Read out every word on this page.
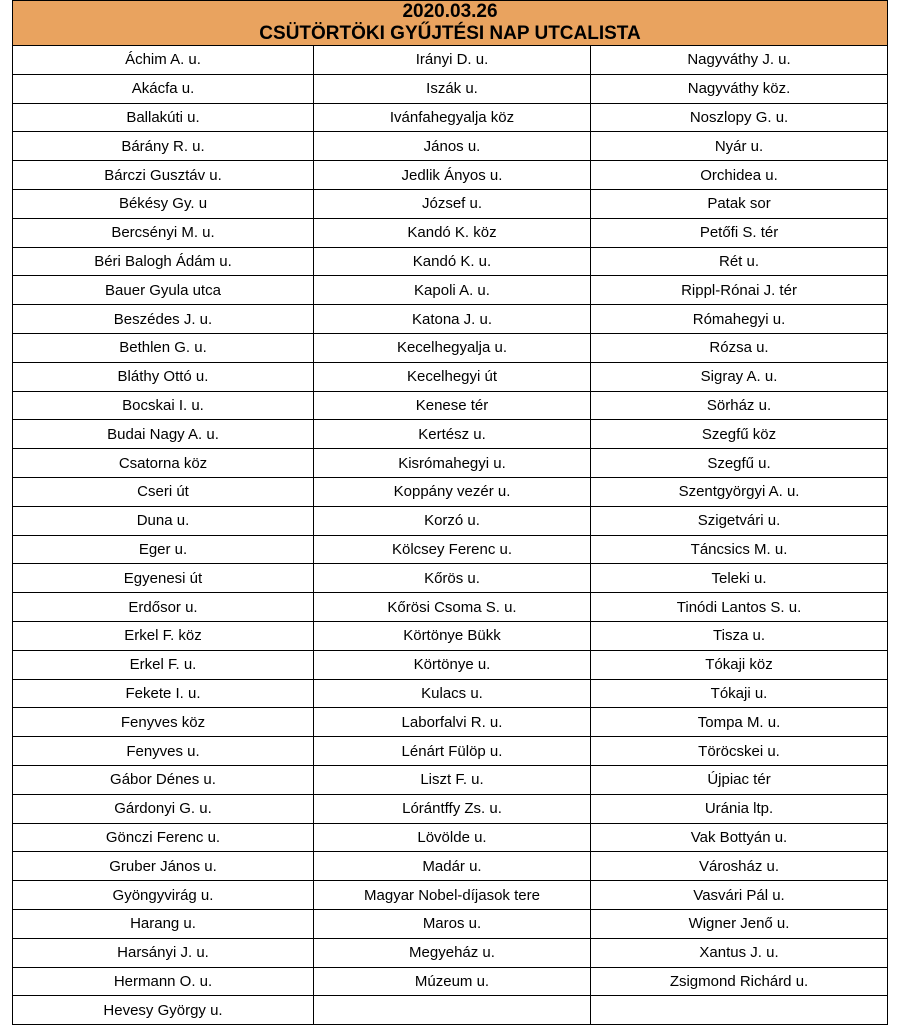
2020.03.26
CSÜTÖRTÖKI GYŰJTÉSI NAP UTCALISTA		

Áchim A. u.	Irányi D. u.	Nagyváthy J. u.
Akácfa u.	Iszák u.	Nagyváthy köz.
Ballakúti u.	Ivánfahegyalja köz	Noszlopy G. u.
Bárány R. u.	János u.	Nyár u.
Bárczi Gusztáv u.	Jedlik Ányos u.	Orchidea u.
Békésy Gy. u	József u.	Patak sor
Bercsényi M. u.	Kandó K. köz	Petőfi S. tér
Béri Balogh Ádám u.	Kandó K. u.	Rét u.
Bauer Gyula utca	Kapoli A. u.	Rippl-Rónai J. tér
Beszédes J. u.	Katona J. u.	Rómahegyi u.
Bethlen G. u.	Kecelhegyalja u.	Rózsa u.
Bláthy Ottó u.	Kecelhegyi út	Sigray A. u.
Bocskai I. u.	Kenese tér	Sörház u.
Budai Nagy A. u.	Kertész u.	Szegfű köz
Csatorna köz	Kisrómahegyi u.	Szegfű u.
Cseri út	Koppány vezér u.	Szentgyörgyi A. u.
Duna u.	Korzó u.	Szigetvári u.
Eger u.	Kölcsey Ferenc u.	Táncsics M. u.
Egyenesi út	Kőrös u.	Teleki u.
Erdősor u.	Kőrösi Csoma S. u.	Tinódi Lantos S. u.
Erkel F. köz	Körtönye Bükk	Tisza u.
Erkel F. u.	Körtönye u.	Tókaji köz
Fekete I. u.	Kulacs u.	Tókaji u.
Fenyves köz	Laborfalvi R. u.	Tompa M. u.
Fenyves u.	Lénárt Fülöp u.	Töröcskei u.
Gábor Dénes u.	Liszt F. u.	Újpiac tér
Gárdonyi G. u.	Lórántffy Zs. u.	Uránia ltp.
Gönczi Ferenc u.	Lövölde u.	Vak Bottyán u.
Gruber János u.	Madár u.	Városház u.
Gyöngyvirág u.	Magyar Nobel-díjasok tere	Vasvári Pál u.
Harang u.	Maros u.	Wigner Jenő u.
Harsányi J. u.	Megyeház u.	Xantus J. u.
Hermann O. u.	Múzeum u.	Zsigmond Richárd u.
Hevesy György u.		
